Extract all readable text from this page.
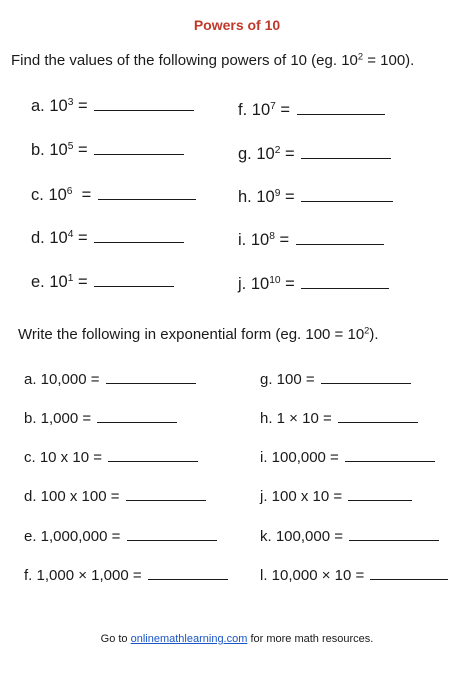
Powers of 10
Find the values of the following powers of 10 (eg. $10^2 = 100$).
a. $10^3$ =
b. $10^5$ =
c. $10^6$  =
d. $10^4$ =
e. $10^1$ =
f. $10^7$ =
g. $10^2$ =
h. $10^9$ =
i. $10^8$ =
j. $10^{10}$ =
Write the following in exponential form (eg. $100 = 10^2$).
a. 10,000 =
b. 1,000 =
c. 10 x 10 =
d. 100 x 100 =
e. 1,000,000 =
f. 1,000 × 1,000 =
g. 100 =
h. 1 × 10 =
i. 100,000 =
j. 100 x 10 =
k. 100,000 =
l. 10,000 × 10 =
Go to onlinemathlearning.com for more math resources.
